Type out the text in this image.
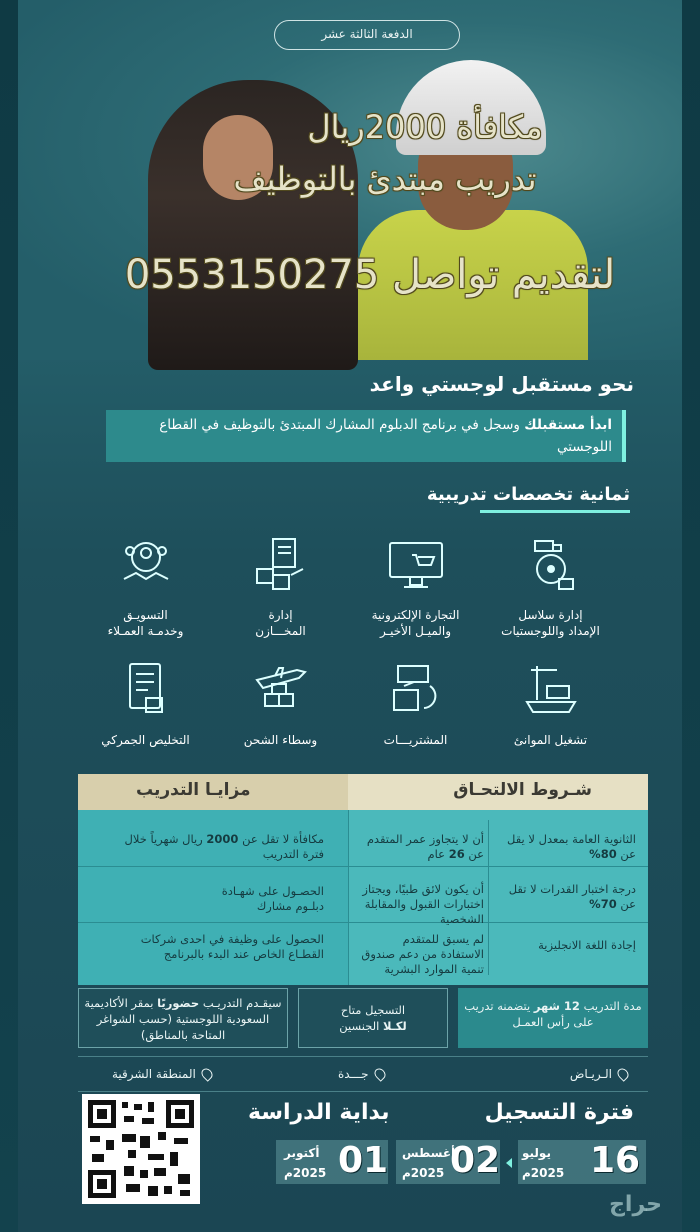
الدفعة الثالثة عشر
مكافأة 2000ريال
تدريب مبتدئ بالتوظيف
لتقديم تواصل 0553150275
نحو مستقبل لوجستي واعد
ابدأ مستقبلك وسجل في برنامج الدبلوم المشارك المبتدئ بالتوظيف في القطاع اللوجستي
ثمانية تخصصات تدريبية
إدارة سلاسل
الإمداد واللوجستيات
التجارة الإلكترونية
والميـل الأخيـر
إدارة
المخـــازن
التسويـق
وخدمـة العمـلاء
تشغيل الموانئ
المشتريـــات
وسطاء الشحن
التخليص الجمركي
شـروط الالتحـاق
مزايـا التدريب
الثانوية العامة بمعدل لا يقل عن 80%
أن لا يتجاوز عمر المتقدم عن 26 عام
درجة اختبار القدرات لا تقل عن 70%
أن يكون لائق طبيًا، ويجتاز اختبارات القبول والمقابلة الشخصية
إجادة اللغة الانجليزية
لم يسبق للمتقدم الاستفادة من دعم صندوق تنمية الموارد البشرية
مكافأة لا تقل عن 2000 ريال شهرياً خلال فترة التدريب
الحصـول على شهـادة دبلـوم مشارك
الحصول على وظيفة في احدى شركات القطـاع الخاص عند البدء بالبرنامج
مدة التدريب 12 شهر يتضمنه تدريب على رأس العمـل
التسجيل متاح
لكـلا الجنسين
سيقـدم التدريـب حضوريًا بمقر الأكاديمية السعودية اللوجستية (حسب الشواغر المتاحة بالمناطق)
الـريـاض
جـــدة
المنطقة الشرقية
فترة التسجيل
بداية الدراسة
16
يوليو
2025م
02
أغسطس
2025م
01
أكتوبر
2025م
حراج
